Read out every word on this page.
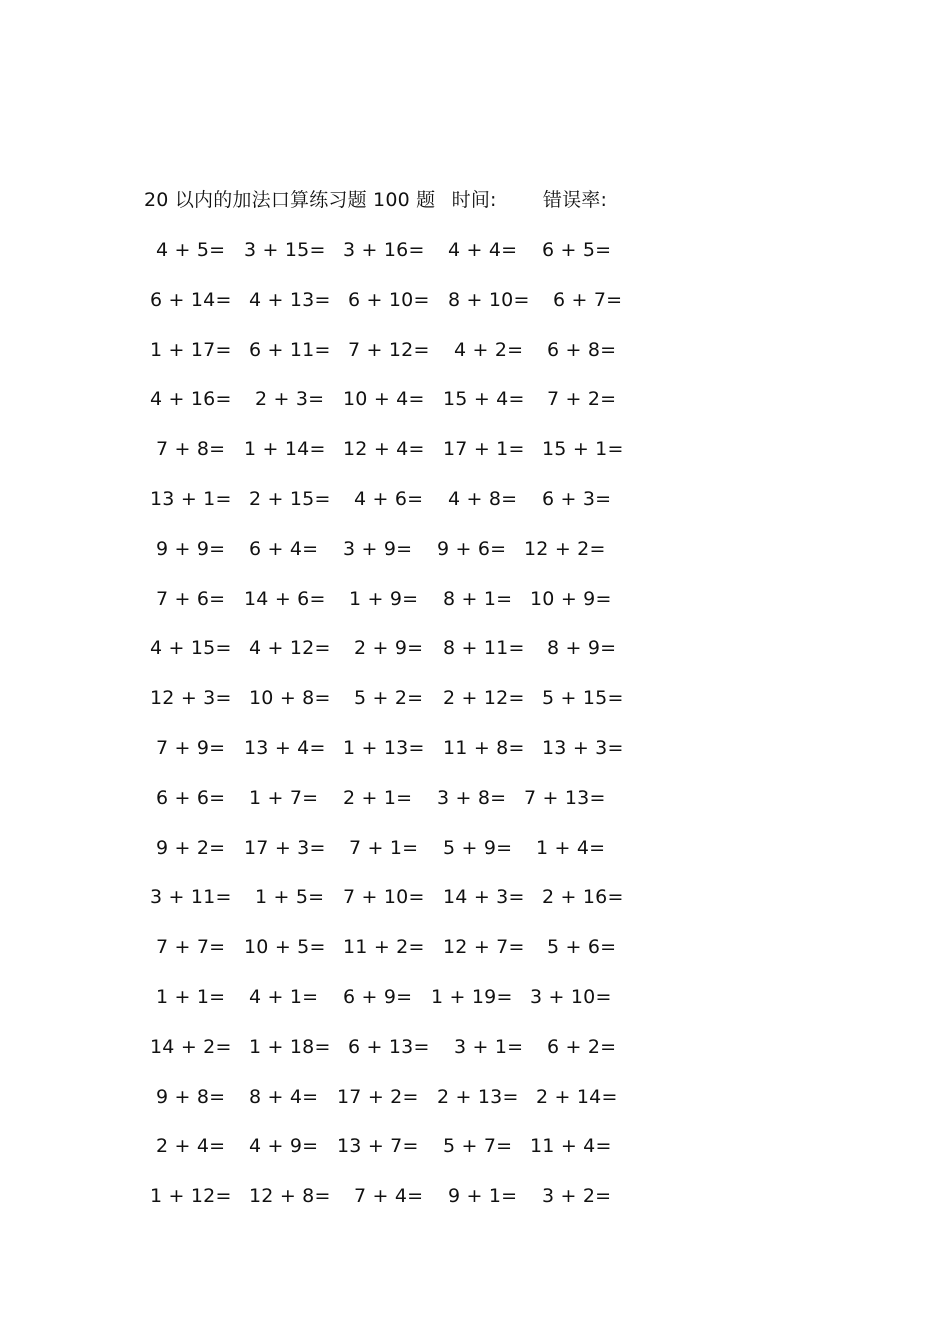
20 以内的加法口算练习题 100 题 时间: 错误率:
4 + 5= 3 + 15= 3 + 16= 4 + 4= 6 + 5=
6 + 14= 4 + 13= 6 + 10= 8 + 10= 6 + 7=
1 + 17= 6 + 11= 7 + 12= 4 + 2= 6 + 8=
4 + 16= 2 + 3= 10 + 4= 15 + 4= 7 + 2=
7 + 8= 1 + 14= 12 + 4= 17 + 1= 15 + 1=
13 + 1= 2 + 15= 4 + 6= 4 + 8= 6 + 3=
9 + 9= 6 + 4= 3 + 9= 9 + 6= 12 + 2=
7 + 6= 14 + 6= 1 + 9= 8 + 1= 10 + 9=
4 + 15= 4 + 12= 2 + 9= 8 + 11= 8 + 9=
12 + 3= 10 + 8= 5 + 2= 2 + 12= 5 + 15=
7 + 9= 13 + 4= 1 + 13= 11 + 8= 13 + 3=
6 + 6= 1 + 7= 2 + 1= 3 + 8= 7 + 13=
9 + 2= 17 + 3= 7 + 1= 5 + 9= 1 + 4=
3 + 11= 1 + 5= 7 + 10= 14 + 3= 2 + 16=
7 + 7= 10 + 5= 11 + 2= 12 + 7= 5 + 6=
1 + 1= 4 + 1= 6 + 9= 1 + 19= 3 + 10=
14 + 2= 1 + 18= 6 + 13= 3 + 1= 6 + 2=
9 + 8= 8 + 4= 17 + 2= 2 + 13= 2 + 14=
2 + 4= 4 + 9= 13 + 7= 5 + 7= 11 + 4=
1 + 12= 12 + 8= 7 + 4= 9 + 1= 3 + 2=
